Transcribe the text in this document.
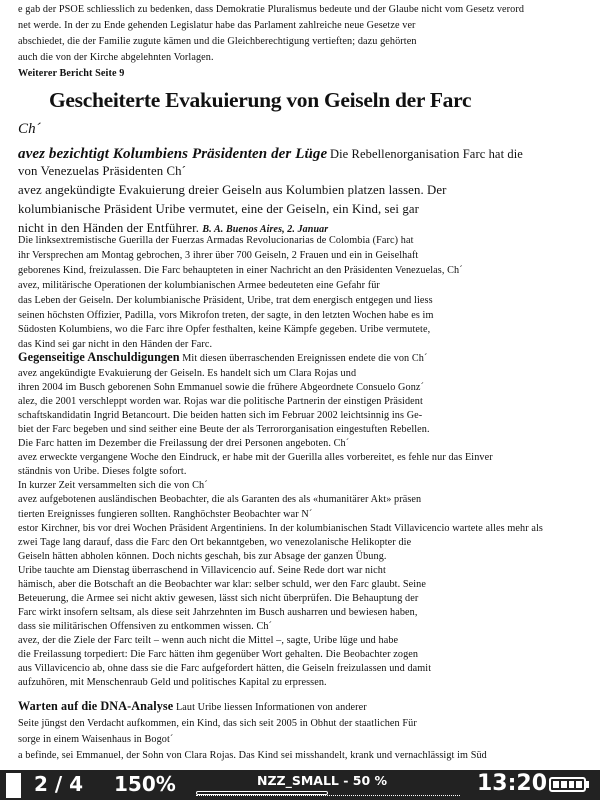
e gab der PSOE schliesslich zu bedenken, dass Demokratie Pluralismus bedeute und der Glaube nicht vom Gesetz verord
net werde. In der zu Ende gehenden Legislatur habe das Parlament zahlreiche neue Gesetze ver
abschiedet, die der Familie zugute kämen und die Gleichberechtigung vertieften; dazu gehörten
auch die von der Kirche abgelehnten Vorlagen.
Weiterer Bericht Seite 9
Gescheiterte Evakuierung von Geiseln der Farc
Ch´
avez bezichtigt Kolumbiens Präsidenten der Lüge Die Rebellenorganisation Farc hat die
von Venezuelas Präsidenten Ch´
avez angekündigte Evakuierung dreier Geiseln aus Kolumbien platzen lassen. Der
kolumbianische Präsident Uribe vermutet, eine der Geiseln, ein Kind, sei gar
nicht in den Händen der Entführer. B. A. Buenos Aires, 2. Januar
Die linksextremistische Guerilla der Fuerzas Armadas Revolucionarias de Colombia (Farc) hat
ihr Versprechen am Montag gebrochen, 3 ihrer über 700 Geiseln, 2 Frauen und ein in Geiselhaft
geborenes Kind, freizulassen. Die Farc behaupteten in einer Nachricht an den Präsidenten Venezuelas, Ch´
avez, militärische Operationen der kolumbianischen Armee bedeuteten eine Gefahr für
das Leben der Geiseln. Der kolumbianische Präsident, Uribe, trat dem energisch entgegen und liess
seinen höchsten Offizier, Padilla, vors Mikrofon treten, der sagte, in den letzten Wochen habe es im
Südosten Kolumbiens, wo die Farc ihre Opfer festhalten, keine Kämpfe gegeben. Uribe vermutete,
das Kind sei gar nicht in den Händen der Farc.
Gegenseitige Anschuldigungen Mit diesen überraschenden Ereignissen endete die von Ch´
avez angekündigte Evakuierung der Geiseln. Es handelt sich um Clara Rojas und
ihren 2004 im Busch geborenen Sohn Emmanuel sowie die frühere Abgeordnete Consuelo Gonz´
alez, die 2001 verschleppt worden war. Rojas war die politische Partnerin der einstigen Präsident
schaftskandidatin Ingrid Betancourt. Die beiden hatten sich im Februar 2002 leichtsinnig ins Ge-
biet der Farc begeben und sind seither eine Beute der als Terrororganisation eingestuften Rebellen.
Die Farc hatten im Dezember die Freilassung der drei Personen angeboten. Ch´
avez erweckte vergangene Woche den Eindruck, er habe mit der Guerilla alles vorbereitet, es fehle nur das Einver
ständnis von Uribe. Dieses folgte sofort.
In kurzer Zeit versammelten sich die von Ch´
avez aufgebotenen ausländischen Beobachter, die als Garanten des als «humanitärer Akt» präsen
tierten Ereignisses fungieren sollten. Ranghöchster Beobachter war N´
estor Kirchner, bis vor drei Wochen Präsident Argentiniens. In der kolumbianischen Stadt Villavicencio wartete alles mehr als
zwei Tage lang darauf, dass die Farc den Ort bekanntgeben, wo venezolanische Helikopter die
Geiseln hätten abholen können. Doch nichts geschah, bis zur Absage der ganzen Übung.
Uribe tauchte am Dienstag überraschend in Villavicencio auf. Seine Rede dort war nicht
hämisch, aber die Botschaft an die Beobachter war klar: selber schuld, wer den Farc glaubt. Seine
Beteuerung, die Armee sei nicht aktiv gewesen, lässt sich nicht überprüfen. Die Behauptung der
Farc wirkt insofern seltsam, als diese seit Jahrzehnten im Busch ausharren und bewiesen haben,
dass sie militärischen Offensiven zu entkommen wissen. Ch´
avez, der die Ziele der Farc teilt – wenn auch nicht die Mittel –, sagte, Uribe lüge und habe
die Freilassung torpediert: Die Farc hätten ihm gegenüber Wort gehalten. Die Beobachter zogen
aus Villavicencio ab, ohne dass sie die Farc aufgefordert hätten, die Geiseln freizulassen und damit
aufzuhören, mit Menschenraub Geld und politisches Kapital zu erpressen.
Warten auf die DNA-Analyse Laut Uribe liessen Informationen von anderer
Seite jüngst den Verdacht aufkommen, ein Kind, das sich seit 2005 in Obhut der staatlichen Für
sorge in einem Waisenhaus in Bogot´
a befinde, sei Emmanuel, der Sohn von Clara Rojas. Das Kind sei misshandelt, krank und vernachlässigt im Süd
2 / 4 150%	NZZ_SMALL - 50 %	13:20
